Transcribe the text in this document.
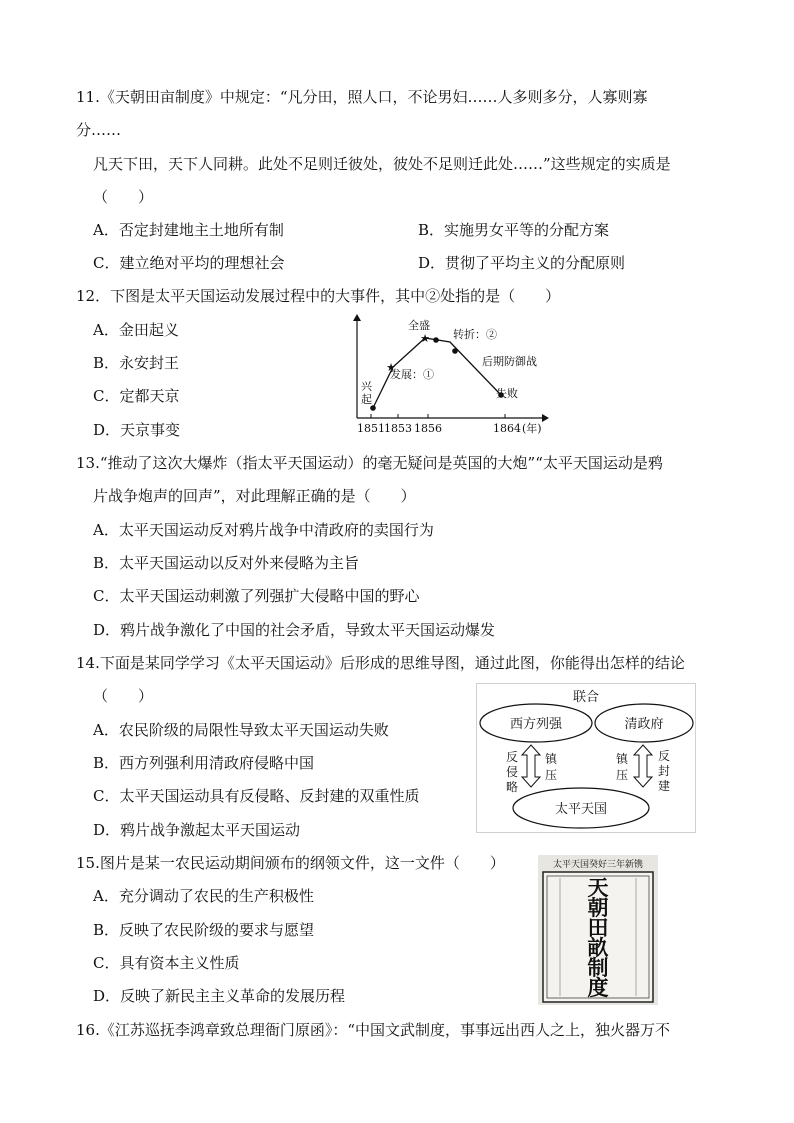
11.《天朝田亩制度》中规定：“凡分田，照人口，不论男妇……人多则多分，人寡则寡
分……
凡天下田，天下人同耕。此处不足则迁彼处，彼处不足则迁此处……”这些规定的实质是
（　　）
A．否定封建地主土地所有制	B．实施男女平等的分配方案
C．建立绝对平均的理想社会	D．贯彻了平均主义的分配原则
12．下图是太平天国运动发展过程中的大事件，其中②处指的是（　　）
A．金田起义
B．永安封王
C．定都天京
D．天京事变
★
★
全盛
转折：②
发展：①
兴
起
后期防御战
失败
1851 1853 1856	1864 (年)
13.“推动了这次大爆炸（指太平天国运动）的毫无疑问是英国的大炮”“太平天国运动是鸦
片战争炮声的回声”，对此理解正确的是（　　）
A．太平天国运动反对鸦片战争中清政府的卖国行为
B．太平天国运动以反对外来侵略为主旨
C．太平天国运动刺激了列强扩大侵略中国的野心
D．鸦片战争激化了中国的社会矛盾，导致太平天国运动爆发
14.下面是某同学学习《太平天国运动》后形成的思维导图，通过此图，你能得出怎样的结论
（　　）
A．农民阶级的局限性导致太平天国运动失败
B．西方列强利用清政府侵略中国
C．太平天国运动具有反侵略、反封建的双重性质
D．鸦片战争激起太平天国运动
联合
西方列强	清政府
太平天国
反
侵
略
镇
压
镇
压
反
封
建
15.图片是某一农民运动期间颁布的纲领文件，这一文件（　　）
A．充分调动了农民的生产积极性
B．反映了农民阶级的要求与愿望
C．具有资本主义性质
D．反映了新民主主义革命的发展历程
太平天国癸好三年新镌
天
朝
田
畝
制
度
16.《江苏巡抚李鸿章致总理衙门原函》：“中国文武制度，事事远出西人之上，独火器万不
